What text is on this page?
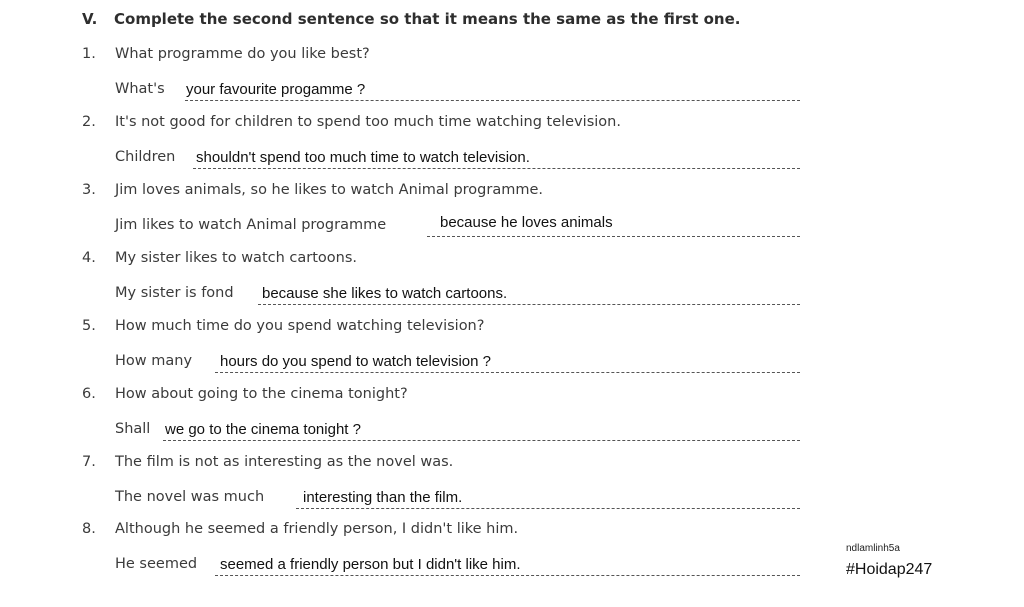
V. Complete the second sentence so that it means the same as the first one.
1. What programme do you like best?
What's your favourite progamme ?
2. It's not good for children to spend too much time watching television.
Children shouldn't spend too much time to watch television.
3. Jim loves animals, so he likes to watch Animal programme.
Jim likes to watch Animal programme	because he loves animals
4. My sister likes to watch cartoons.
My sister is fond because she likes to watch cartoons.
5. How much time do you spend watching television?
How many hours do you spend to watch television ?
6. How about going to the cinema tonight?
Shall we go to the cinema tonight ?
7. The film is not as interesting as the novel was.
The novel was much	interesting than the film.
8. Although he seemed a friendly person, I didn't like him.
He seemed seemed a friendly person but I didn't like him.
ndlamlinh5a
#Hoidap247
